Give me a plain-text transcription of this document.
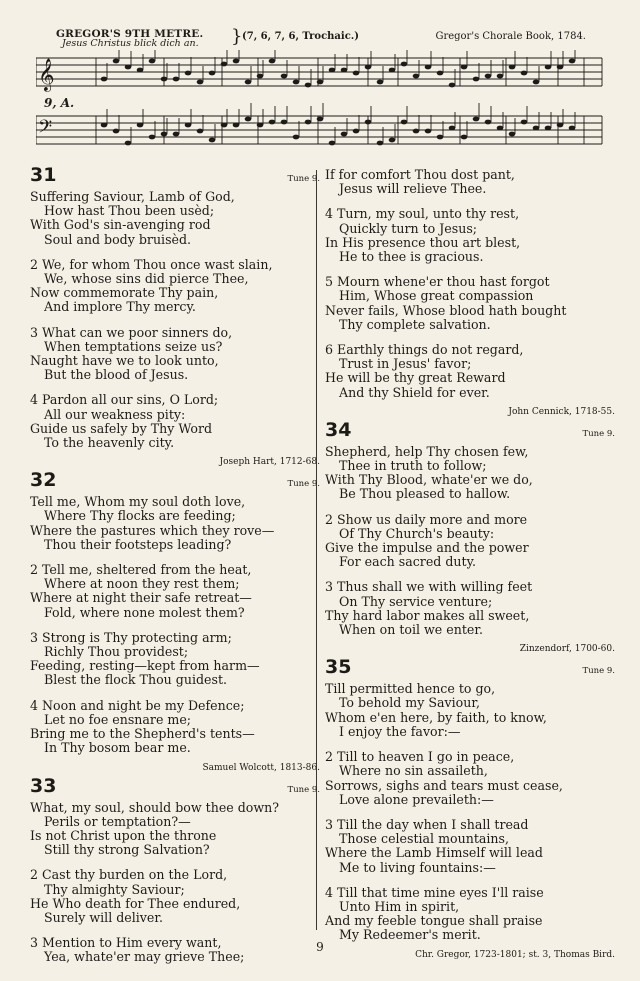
GREGOR'S 9TH METRE.
Jesus Christus blick dich an. } (7, 6, 7, 6, Trochaic.)	Gregor's Chorale Book, 1784.
𝄞
𝄢
9, A.
31	Tune 9.
Suffering Saviour, Lamb of God,
How hast Thou been usèd;
With God's sin-avenging rod
Soul and body bruisèd.
2 We, for whom Thou once wast slain,
We, whose sins did pierce Thee,
Now commemorate Thy pain,
And implore Thy mercy.
3 What can we poor sinners do,
When temptations seize us?
Naught have we to look unto,
But the blood of Jesus.
4 Pardon all our sins, O Lord;
All our weakness pity:
Guide us safely by Thy Word
To the heavenly city.
Joseph Hart, 1712-68.
32	Tune 9.
Tell me, Whom my soul doth love,
Where Thy flocks are feeding;
Where the pastures which they rove—
Thou their footsteps leading?
2 Tell me, sheltered from the heat,
Where at noon they rest them;
Where at night their safe retreat—
Fold, where none molest them?
3 Strong is Thy protecting arm;
Richly Thou providest;
Feeding, resting—kept from harm—
Blest the flock Thou guidest.
4 Noon and night be my Defence;
Let no foe ensnare me;
Bring me to the Shepherd's tents—
In Thy bosom bear me.
Samuel Wolcott, 1813-86.
33	Tune 9.
What, my soul, should bow thee down?
Perils or temptation?—
Is not Christ upon the throne
Still thy strong Salvation?
2 Cast thy burden on the Lord,
Thy almighty Saviour;
He Who death for Thee endured,
Surely will deliver.
3 Mention to Him every want,
Yea, whate'er may grieve Thee;
If for comfort Thou dost pant,
Jesus will relieve Thee.
4 Turn, my soul, unto thy rest,
Quickly turn to Jesus;
In His presence thou art blest,
He to thee is gracious.
5 Mourn whene'er thou hast forgot
Him, Whose great compassion
Never fails, Whose blood hath bought
Thy complete salvation.
6 Earthly things do not regard,
Trust in Jesus' favor;
He will be thy great Reward
And thy Shield for ever.
John Cennick, 1718-55.
34	Tune 9.
Shepherd, help Thy chosen few,
Thee in truth to follow;
With Thy Blood, whate'er we do,
Be Thou pleased to hallow.
2 Show us daily more and more
Of Thy Church's beauty:
Give the impulse and the power
For each sacred duty.
3 Thus shall we with willing feet
On Thy service venture;
Thy hard labor makes all sweet,
When on toil we enter.
Zinzendorf, 1700-60.
35	Tune 9.
Till permitted hence to go,
To behold my Saviour,
Whom e'en here, by faith, to know,
I enjoy the favor:—
2 Till to heaven I go in peace,
Where no sin assaileth,
Sorrows, sighs and tears must cease,
Love alone prevaileth:—
3 Till the day when I shall tread
Those celestial mountains,
Where the Lamb Himself will lead
Me to living fountains:—
4 Till that time mine eyes I'll raise
Unto Him in spirit,
And my feeble tongue shall praise
My Redeemer's merit.
Chr. Gregor, 1723-1801; st. 3, Thomas Bird.
9
